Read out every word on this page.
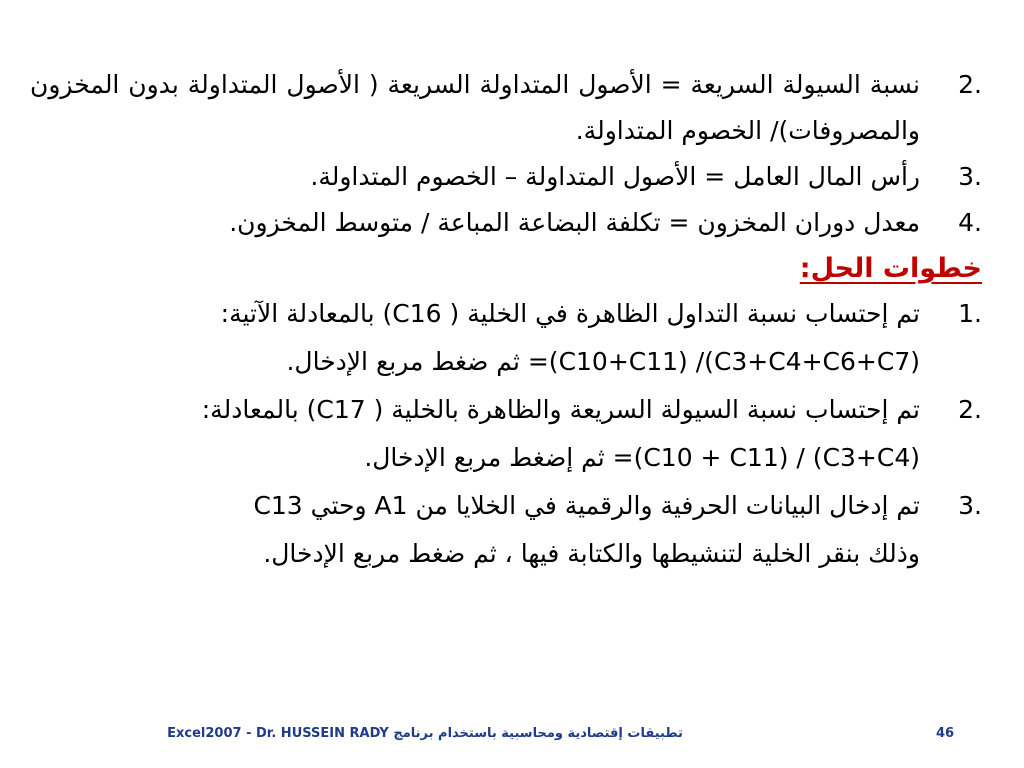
2.
نسبة السيولة السريعة = الأصول المتداولة السريعة ( الأصول المتداولة بدون المخزون والمصروفات)/ الخصوم المتداولة.
3.
رأس المال العامل = الأصول المتداولة – الخصوم المتداولة.
4.
معدل دوران المخزون = تكلفة البضاعة المباعة / متوسط المخزون.
خطوات الحل:
1.
تم إحتساب نسبة التداول الظاهرة في الخلية ( C16) بالمعادلة الآتية:
(C3+C4+C6+C7)/ (C10+C11)= ثم ضغط مربع الإدخال.
2.
تم إحتساب نسبة السيولة السريعة والظاهرة بالخلية ( C17) بالمعادلة:
(C3+C4) / (C10 + C11)= ثم إضغط مربع الإدخال.
3.
تم إدخال البيانات الحرفية والرقمية في الخلايا من A1 وحتي C13
وذلك بنقر الخلية لتنشيطها والكتابة فيها ، ثم ضغط مربع الإدخال.
تطبيقات إقتصادية ومحاسبية باستخدام برنامج Excel2007 - Dr. HUSSEIN RADY	46
